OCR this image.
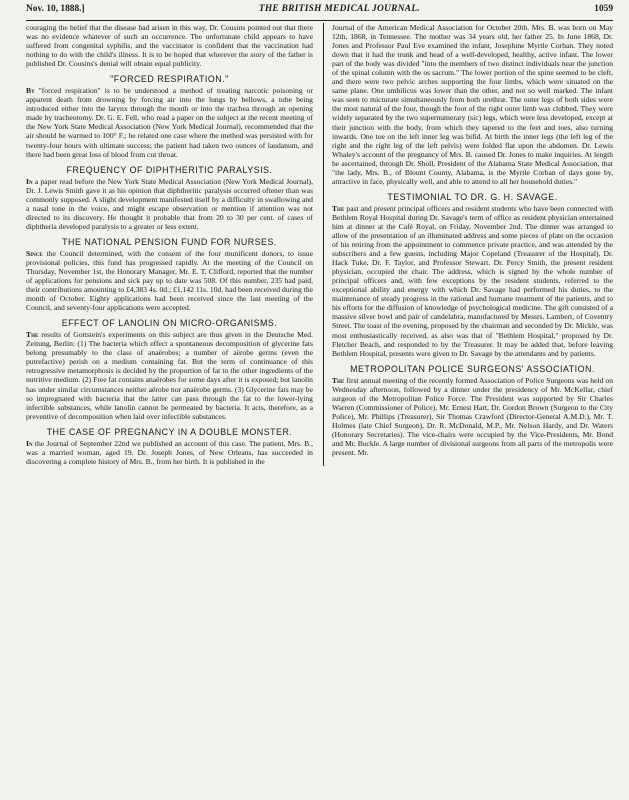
Nov. 10, 1888.]	THE BRITISH MEDICAL JOURNAL.	1059

couraging the belief that the disease had arisen in this way, Dr. Cousins pointed out that there was no evidence whatever of such an occurrence. The unfortunate child appears to have suffered from congenital syphilis, and the vaccinator is confident that the vaccination had nothing to do with the child's illness. It is to be hoped that wherever the story of the father is published Dr. Cousins's denial will obtain equal publicity.

"FORCED RESPIRATION."

By "forced respiration" is to be understood a method of treating narcotic poisoning or apparent death from drowning by forcing air into the lungs by bellows, a tube being introduced either into the larynx through the mouth or into the trachea through an opening made by tracheotomy. Dr. G. E. Fell, who read a paper on the subject at the recent meeting of the New York State Medical Association (New York Medical Journal), recommended that the air should be warmed to 100° F.; he related one case where the method was persisted with for twenty-four hours with ultimate success; the patient had taken two ounces of laudanum, and there had been great loss of blood from cut throat.

FREQUENCY OF DIPHTHERITIC PARALYSIS.

In a paper read before the New York State Medical Association (New York Medical Journal), Dr. J. Lewis Smith gave it as his opinion that diphtheritic paralysis occurred oftener than was commonly supposed. A slight development manifested itself by a difficulty in swallowing and a nasal tone in the voice, and might escape observation or mention if attention was not directed to its discovery. He thought it probable that from 20 to 30 per cent. of cases of diphtheria developed paralysis to a greater or less extent.

THE NATIONAL PENSION FUND FOR NURSES.

Since the Council determined, with the consent of the four munificent donors, to issue provisional policies, this fund has progressed rapidly. At the meeting of the Council on Thursday, November 1st, the Honorary Manager, Mr. E. T. Clifford, reported that the number of applications for pensions and sick pay up to date was 508. Of this number, 235 had paid, their contributions amounting to £4,383 4s. 0d.; £1,142 11s. 10d. had been received during the month of October. Eighty applications had been received since the last meeting of the Council, and seventy-four applications were accepted.

EFFECT OF LANOLIN ON MICRO-ORGANISMS.

The results of Gottstein's experiments on this subject are thus given in the Deutsche Med. Zeitung, Berlin: (1) The bacteria which effect a spontaneous decomposition of glycerine fats belong presumably to the class of anaërobes; a number of aërobe germs (even the putrefactive) perish on a medium containing fat. But the term of continuance of this retrogressive metamorphosis is decided by the proportion of fat to the other ingredients of the nutritive medium. (2) Free fat contains anaërobes for some days after it is exposed; but lanolin has under similar circumstances neither aërobe nor anaërobe germs. (3) Glycerine fats may be so impregnated with bacteria that the latter can pass through the fat to the lower-lying infectible substances, while lanolin cannot be permeated by bacteria. It acts, therefore, as a preventive of decomposition when laid over infectible substances.

THE CASE OF PREGNANCY IN A DOUBLE MONSTER.

In the Journal of September 22nd we published an account of this case. The patient, Mrs. B., was a married woman, aged 19. Dr. Joseph Jones, of New Orleans, has succeeded in discovering a complete history of Mrs. B., from her birth. It is published in the

Journal of the American Medical Association for October 20th. Mrs. B. was born on May 12th, 1868, in Tennessee. The mother was 34 years old, her father 25. In June 1868, Dr. Jones and Professor Paul Eve examined the infant, Josephine Myrtle Corban. They noted down that it had the trunk and head of a well-developed, healthy, active infant. The lower part of the body was divided "into the members of two distinct individuals near the junction of the spinal column with the os sacrum." The lower portion of the spine seemed to be cleft, and there were two pelvic arches supporting the four limbs, which were situated on the same plane. One umbilicus was lower than the other, and not so well marked. The infant was seen to micturate simultaneously from both urethræ. The outer legs of both sides were the most natural of the four, though the foot of the right outer limb was clubbed. They were widely separated by the two supernumerary (sic) legs, which were less developed, except at their junction with the body, from which they tapered to the feet and toes, also turning inwards. One toe on the left inner leg was bifid. At birth the inner legs (the left leg of the right and the right leg of the left pelvis) were folded flat upon the abdomen. Dr. Lewis Whaley's account of the pregnancy of Mrs. B. caused Dr. Jones to make inquiries. At length he ascertained, through Dr. Sholl, President of the Alabama State Medical Association, that "the lady, Mrs. B., of Blount County, Alabama, is the Myrtle Corban of days gone by, attractive in face, physically well, and able to attend to all her household duties."

TESTIMONIAL TO DR. G. H. SAVAGE.

The past and present principal officers and resident students who have been connected with Bethlem Royal Hospital during Dr. Savage's term of office as resident physician entertained him at dinner at the Café Royal, on Friday, November 2nd. The dinner was arranged to allow of the presentation of an illuminated address and some pieces of plate on the occasion of his retiring from the appointment to commence private practice, and was attended by the subscribers and a few guests, including Major Copeland (Treasurer of the Hospital), Dr. Hack Tuke, Dr. F. Taylor, and Professor Stewart. Dr. Percy Smith, the present resident physician, occupied the chair. The address, which is signed by the whole number of principal officers and, with few exceptions by the resident students, referred to the exceptional ability and energy with which Dr. Savage had performed his duties, to the maintenance of steady progress in the rational and humane treatment of the patients, and to his efforts for the diffusion of knowledge of psychological medicine. The gift consisted of a massive silver bowl and pair of candelabra, manufactured by Messrs. Lambert, of Coventry Street. The toast of the evening, proposed by the chairman and seconded by Dr. Mickle, was most enthusiastically received, as also was that of "Bethlem Hospital," proposed by Dr. Fletcher Beach, and responded to by the Treasurer. It may be added that, before leaving Bethlem Hospital, presents were given to Dr. Savage by the attendants and by patients.

METROPOLITAN POLICE SURGEONS' ASSOCIATION.

The first annual meeting of the recently formed Association of Police Surgeons was held on Wednesday afternoon, followed by a dinner under the presidency of Mr. McKellar, chief surgeon of the Metropolitan Police Force. The President was supported by Sir Charles Warren (Commissioner of Police), Mr. Ernest Hart, Dr. Gordon Brown (Surgeon to the City Police), Mr. Phillips (Treasurer), Sir Thomas Crawford (Director-General A.M.D.), Mr. T. Holmes (late Chief Surgeon), Dr. R. McDonald, M.P., Mr. Nelson Hardy, and Dr. Waters (Honorary Secretaries). The vice-chairs were occupied by the Vice-Presidents, Mr. Bond and Mr. Buckle. A large number of divisional surgeons from all parts of the metropolis were present. Mr.
